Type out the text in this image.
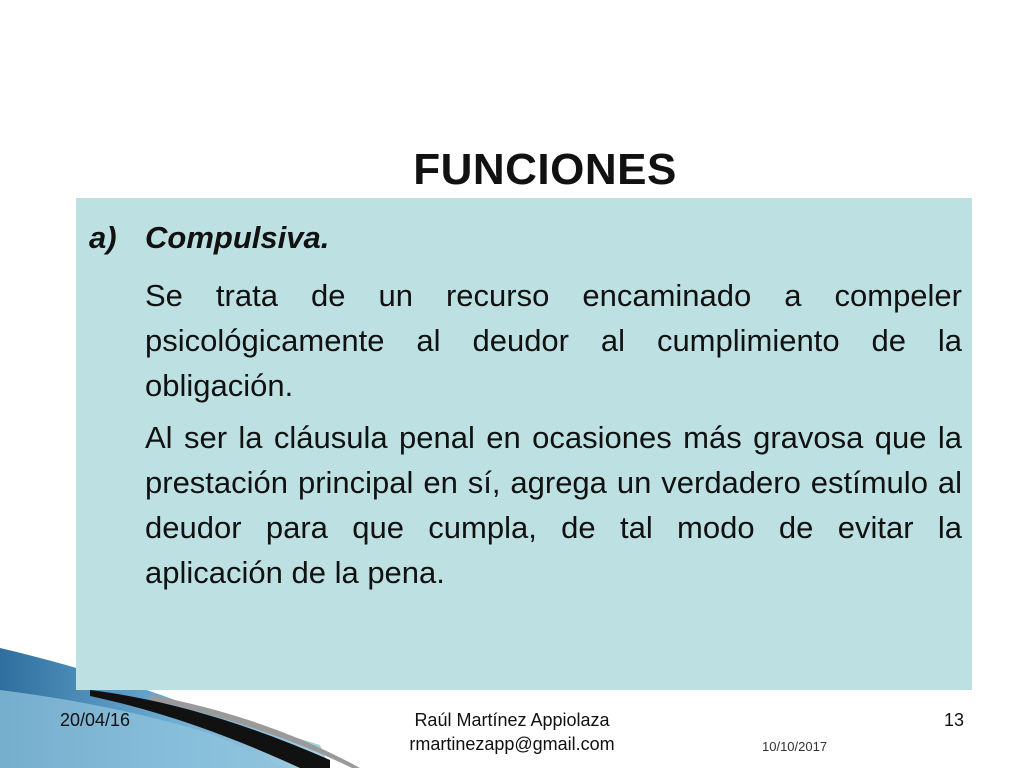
FUNCIONES
a) Compulsiva.

Se trata de un recurso encaminado a compeler psicológicamente al deudor al cumplimiento de la obligación.

Al ser la cláusula penal en ocasiones más gravosa que la prestación principal en sí, agrega un verdadero estímulo al deudor para que cumpla, de tal modo de evitar la aplicación de la pena.

20/04/16	Raúl Martínez Appiolaza
rmartinezapp@gmail.com
13
10/10/2017
